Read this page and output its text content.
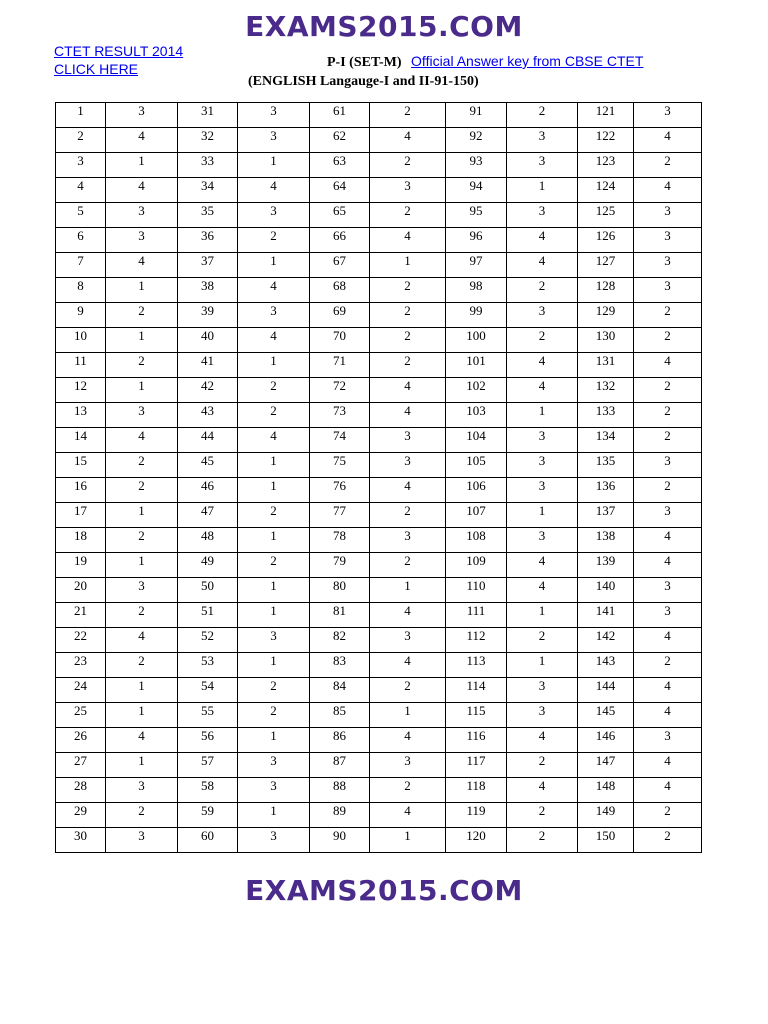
EXAMS2015.COM
CTET RESULT 2014
CLICK HERE	P-I (SET-M) Official Answer key from CBSE CTET
(ENGLISH Langauge-I and II-91-150)
1	3	31	3	61	2	91	2	121	3
2	4	32	3	62	4	92	3	122	4
3	1	33	1	63	2	93	3	123	2
4	4	34	4	64	3	94	1	124	4
5	3	35	3	65	2	95	3	125	3
6	3	36	2	66	4	96	4	126	3
7	4	37	1	67	1	97	4	127	3
8	1	38	4	68	2	98	2	128	3
9	2	39	3	69	2	99	3	129	2
10	1	40	4	70	2	100	2	130	2
11	2	41	1	71	2	101	4	131	4
12	1	42	2	72	4	102	4	132	2
13	3	43	2	73	4	103	1	133	2
14	4	44	4	74	3	104	3	134	2
15	2	45	1	75	3	105	3	135	3
16	2	46	1	76	4	106	3	136	2
17	1	47	2	77	2	107	1	137	3
18	2	48	1	78	3	108	3	138	4
19	1	49	2	79	2	109	4	139	4
20	3	50	1	80	1	110	4	140	3
21	2	51	1	81	4	111	1	141	3
22	4	52	3	82	3	112	2	142	4
23	2	53	1	83	4	113	1	143	2
24	1	54	2	84	2	114	3	144	4
25	1	55	2	85	1	115	3	145	4
26	4	56	1	86	4	116	4	146	3
27	1	57	3	87	3	117	2	147	4
28	3	58	3	88	2	118	4	148	4
29	2	59	1	89	4	119	2	149	2
30	3	60	3	90	1	120	2	150	2
EXAMS2015.COM
